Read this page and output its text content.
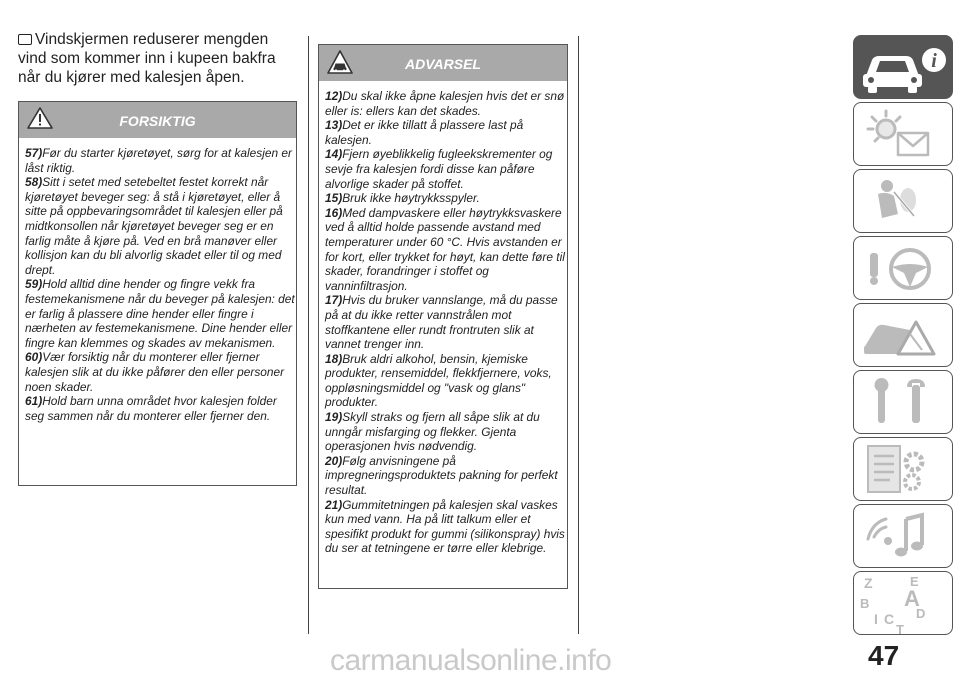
Vindskjermen reduserer mengden vind som kommer inn i kupeen bakfra når du kjører med kalesjen åpen.
FORSIKTIG

57)Før du starter kjøretøyet, sørg for at kalesjen er låst riktig.

58)Sitt i setet med setebeltet festet korrekt når kjøretøyet beveger seg: å stå i kjøretøyet, eller å sitte på oppbevaringsområdet til kalesjen eller på midtkonsollen når kjøretøyet beveger seg er en farlig måte å kjøre på. Ved en brå manøver eller kollisjon kan du bli alvorlig skadet eller til og med drept.

59)Hold alltid dine hender og fingre vekk fra festemekanismene når du beveger på kalesjen: det er farlig å plassere dine hender eller fingre i nærheten av festemekanismene. Dine hender eller fingre kan klemmes og skades av mekanismen.

60)Vær forsiktig når du monterer eller fjerner kalesjen slik at du ikke påfører den eller personer noen skader.

61)Hold barn unna området hvor kalesjen folder seg sammen når du monterer eller fjerner den.

ADVARSEL

12)Du skal ikke åpne kalesjen hvis det er snø eller is: ellers kan det skades.

13)Det er ikke tillatt å plassere last på kalesjen.

14)Fjern øyeblikkelig fugleekskrementer og sevje fra kalesjen fordi disse kan påføre alvorlige skader på stoffet.

15)Bruk ikke høytrykksspyler.

16)Med dampvaskere eller høytrykksvaskere ved å alltid holde passende avstand med temperaturer under 60 °C. Hvis avstanden er for kort, eller trykket for høyt, kan dette føre til skader, forandringer i stoffet og vanninfiltrasjon.

17)Hvis du bruker vannslange, må du passe på at du ikke retter vannstrålen mot stoffkantene eller rundt frontruten slik at vannet trenger inn.

18)Bruk aldri alkohol, bensin, kjemiske produkter, rensemiddel, flekkfjernere, voks, oppløsningsmiddel og "vask og glans" produkter.

19)Skyll straks og fjern all såpe slik at du unngår misfarging og flekker. Gjenta operasjonen hvis nødvendig.

20)Følg anvisningene på impregneringsproduktets pakning for perfekt resultat.

21)Gummitetningen på kalesjen skal vaskes kun med vann. Ha på litt talkum eller et spesifikt produkt for gummi (silikonspray) hvis du ser at tetningene er tørre eller klebrige.

i
Z	E
B A
C D
T
I
47
carmanualsonline.info
